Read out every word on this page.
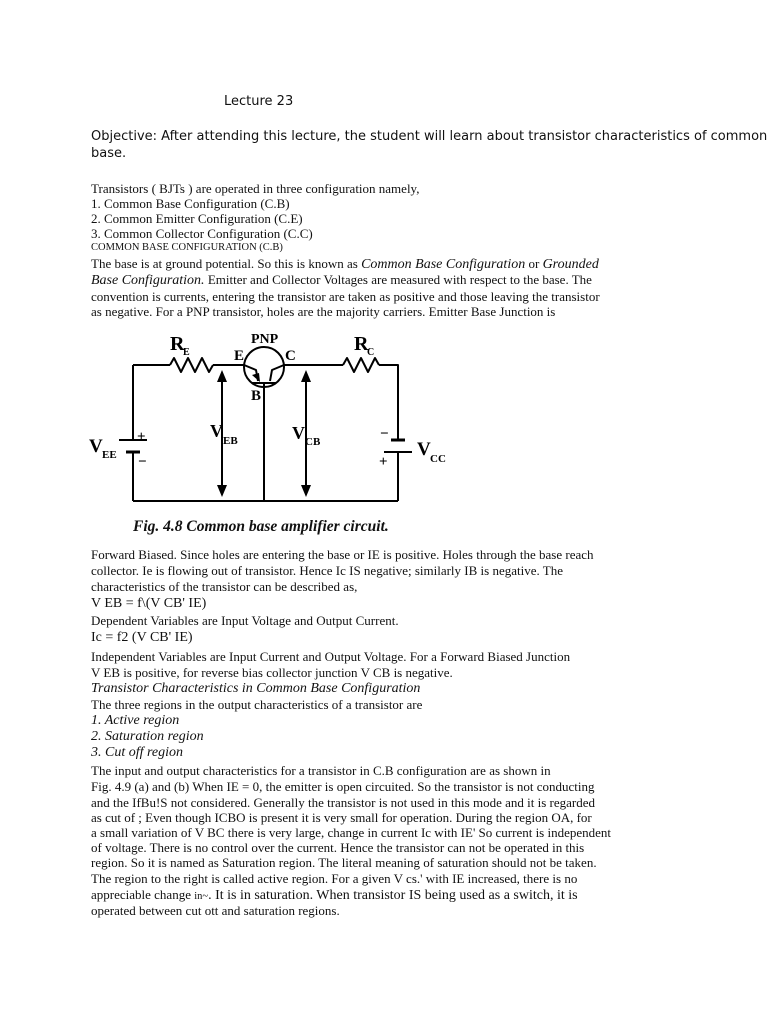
Lecture 23
Objective: After attending this lecture, the student will learn about transistor characteristics of common
base.
Transistors ( BJTs ) are operated in three configuration namely,
1. Common Base Configuration (C.B)
2. Common Emitter Configuration (C.E)
3. Common Collector Configuration (C.C)
COMMON BASE CONFIGURATION (C.B)
The base is at ground potential. So this is known as Common Base Configuration or Grounded
Base Configuration. Emitter and Collector Voltages are measured with respect to the base. The
convention is currents, entering the transistor are taken as positive and those leaving the transistor
as negative. For a PNP transistor, holes are the majority carriers. Emitter Base Junction is
R
E
PNP
E	C
B
R
C
V EB	V CB
V EE	V CC
+
−
−
+
Fig. 4.8 Common base amplifier circuit.
Forward Biased. Since holes are entering the base or IE is positive. Holes through the base reach
collector. Ie is flowing out of transistor. Hence Ic IS negative; similarly IB is negative. The
characteristics of the transistor can be described as,
V EB = f\(V CB' IE)
Dependent Variables are Input Voltage and Output Current.
Ic = f2 (V CB' IE)
Independent Variables are Input Current and Output Voltage. For a Forward Biased Junction
V EB is positive, for reverse bias collector junction V CB is negative.
Transistor Characteristics in Common Base Configuration
The three regions in the output characteristics of a transistor are
1. Active region
2. Saturation region
3. Cut off region
The input and output characteristics for a transistor in C.B configuration are as shown in
Fig. 4.9 (a) and (b) When IE = 0, the emitter is open circuited. So the transistor is not conducting
and the IfBu!S not considered. Generally the transistor is not used in this mode and it is regarded
as cut of ; Even though ICBO is present it is very small for operation. During the region OA, for
a small variation of V BC there is very large, change in current Ic with IE' So current is independent
of voltage. There is no control over the current. Hence the transistor can not be operated in this
region. So it is named as Saturation region. The literal meaning of saturation should not be taken.
The region to the right is called active region. For a given V cs.' with IE increased, there is no
appreciable change in~. It is in saturation. When transistor IS being used as a switch, it is
operated between cut ott and saturation regions.
